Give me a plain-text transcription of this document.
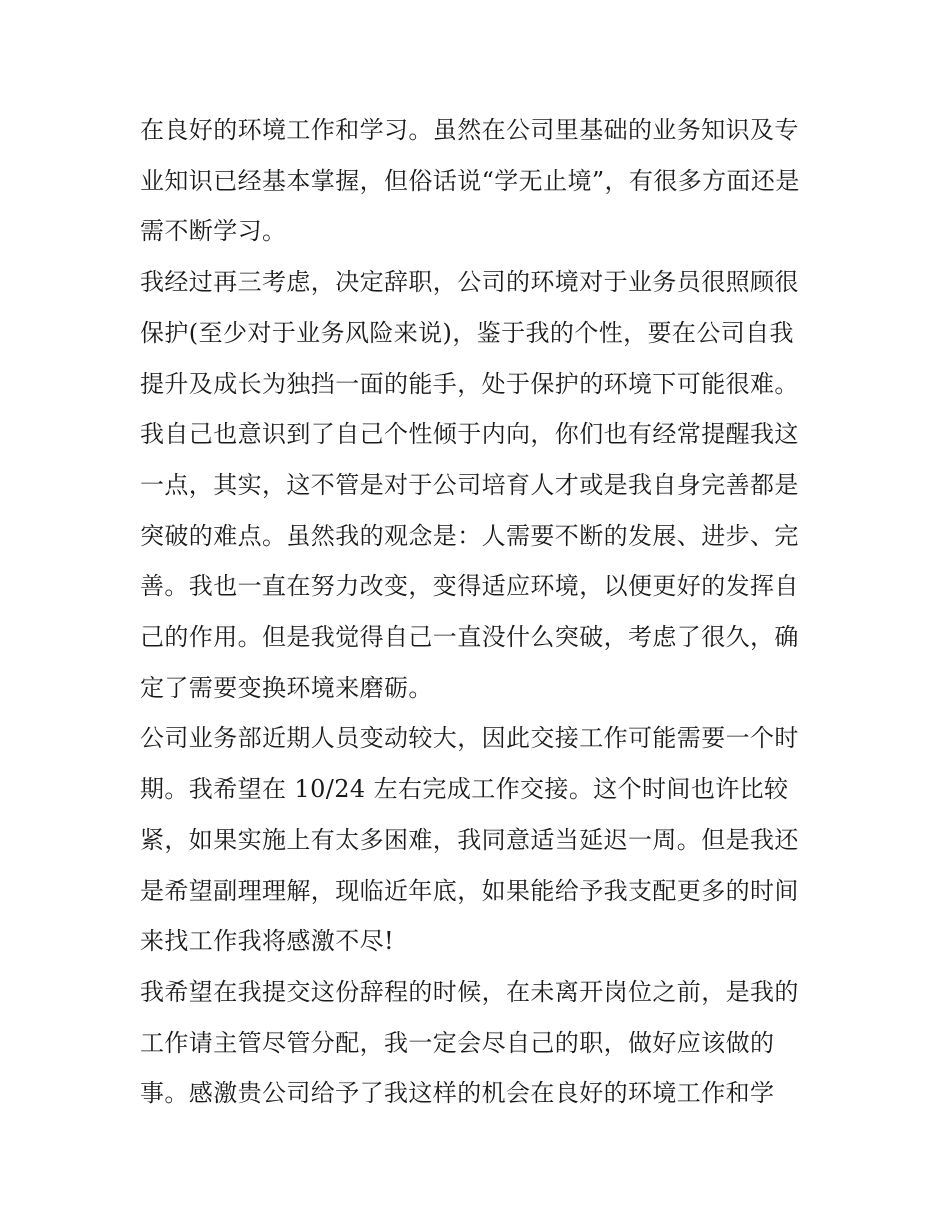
在良好的环境工作和学习。虽然在公司里基础的业务知识及专
业知识已经基本掌握，但俗话说“学无止境”，有很多方面还是
需不断学习。
我经过再三考虑，决定辞职，公司的环境对于业务员很照顾很
保护(至少对于业务风险来说)，鉴于我的个性，要在公司自我
提升及成长为独挡一面的能手，处于保护的环境下可能很难。
我自己也意识到了自己个性倾于内向，你们也有经常提醒我这
一点，其实，这不管是对于公司培育人才或是我自身完善都是
突破的难点。虽然我的观念是：人需要不断的发展、进步、完
善。我也一直在努力改变，变得适应环境，以便更好的发挥自
己的作用。但是我觉得自己一直没什么突破，考虑了很久，确
定了需要变换环境来磨砺。
公司业务部近期人员变动较大，因此交接工作可能需要一个时
期。我希望在 10/24 左右完成工作交接。这个时间也许比较
紧，如果实施上有太多困难，我同意适当延迟一周。但是我还
是希望副理理解，现临近年底，如果能给予我支配更多的时间
来找工作我将感激不尽!
我希望在我提交这份辞程的时候，在未离开岗位之前，是我的
工作请主管尽管分配，我一定会尽自己的职，做好应该做的
事。感激贵公司给予了我这样的机会在良好的环境工作和学
